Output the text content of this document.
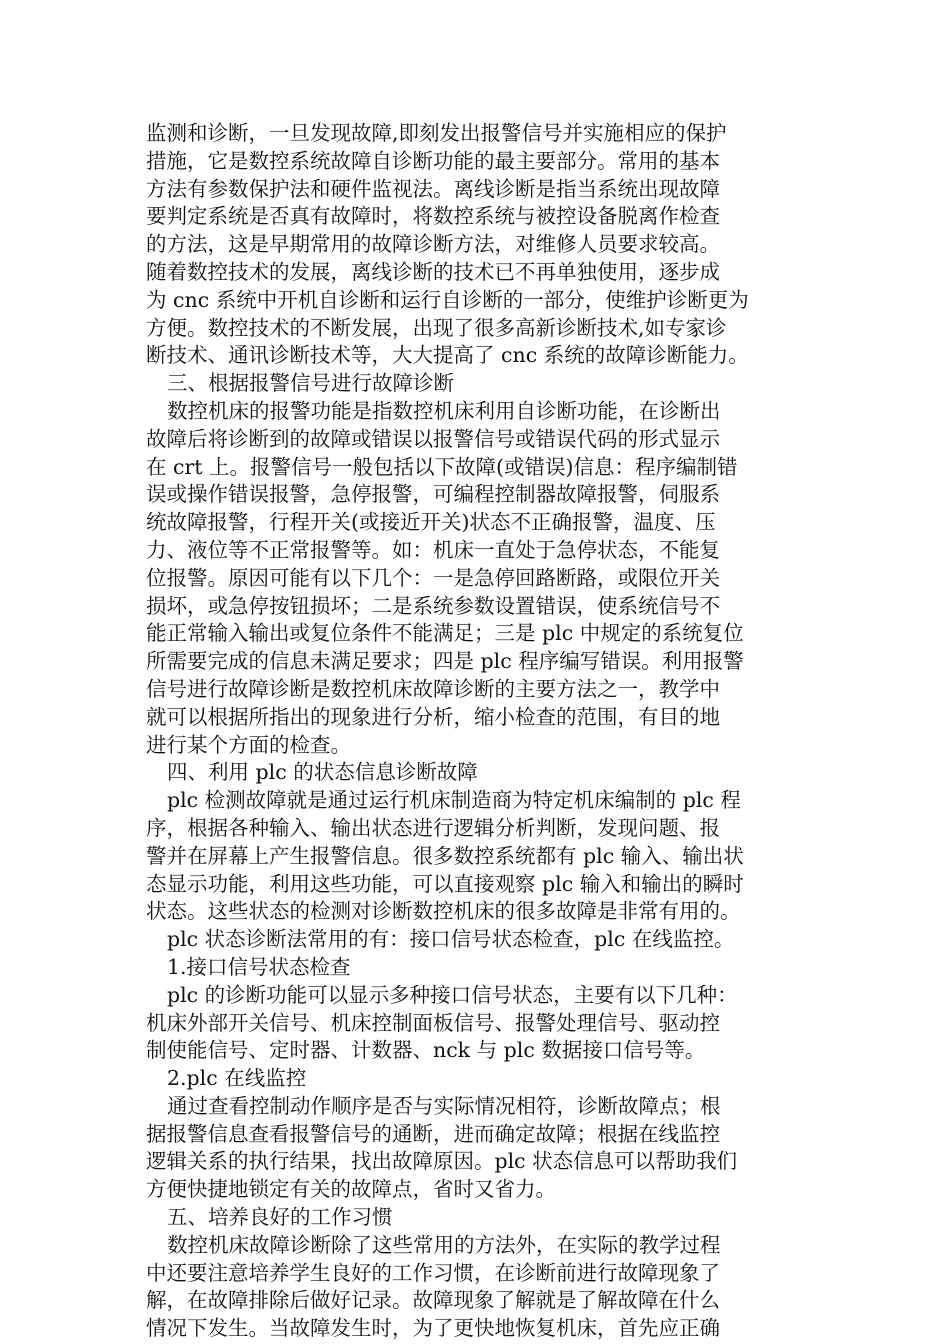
监测和诊断，一旦发现故障,即刻发出报警信号并实施相应的保护
措施，它是数控系统故障自诊断功能的最主要部分。常用的基本
方法有参数保护法和硬件监视法。离线诊断是指当系统出现故障
要判定系统是否真有故障时，将数控系统与被控设备脱离作检查
的方法，这是早期常用的故障诊断方法，对维修人员要求较高。
随着数控技术的发展，离线诊断的技术已不再单独使用，逐步成
为 cnc 系统中开机自诊断和运行自诊断的一部分，使维护诊断更为
方便。数控技术的不断发展，出现了很多高新诊断技术,如专家诊
断技术、通讯诊断技术等，大大提高了 cnc 系统的故障诊断能力。
三、根据报警信号进行故障诊断
数控机床的报警功能是指数控机床利用自诊断功能，在诊断出
故障后将诊断到的故障或错误以报警信号或错误代码的形式显示
在 crt 上。报警信号一般包括以下故障(或错误)信息：程序编制错
误或操作错误报警，急停报警，可编程控制器故障报警，伺服系
统故障报警，行程开关(或接近开关)状态不正确报警，温度、压
力、液位等不正常报警等。如：机床一直处于急停状态，不能复
位报警。原因可能有以下几个：一是急停回路断路，或限位开关
损坏，或急停按钮损坏；二是系统参数设置错误，使系统信号不
能正常输入输出或复位条件不能满足；三是 plc 中规定的系统复位
所需要完成的信息未满足要求；四是 plc 程序编写错误。利用报警
信号进行故障诊断是数控机床故障诊断的主要方法之一，教学中
就可以根据所指出的现象进行分析，缩小检查的范围，有目的地
进行某个方面的检查。
四、利用 plc 的状态信息诊断故障
plc 检测故障就是通过运行机床制造商为特定机床编制的 plc 程
序，根据各种输入、输出状态进行逻辑分析判断，发现问题、报
警并在屏幕上产生报警信息。很多数控系统都有 plc 输入、输出状
态显示功能，利用这些功能，可以直接观察 plc 输入和输出的瞬时
状态。这些状态的检测对诊断数控机床的很多故障是非常有用的。
plc 状态诊断法常用的有：接口信号状态检查，plc 在线监控。
1.接口信号状态检查
plc 的诊断功能可以显示多种接口信号状态，主要有以下几种：
机床外部开关信号、机床控制面板信号、报警处理信号、驱动控
制使能信号、定时器、计数器、nck 与 plc 数据接口信号等。
2.plc 在线监控
通过查看控制动作顺序是否与实际情况相符，诊断故障点；根
据报警信息查看报警信号的通断，进而确定故障；根据在线监控
逻辑关系的执行结果，找出故障原因。plc 状态信息可以帮助我们
方便快捷地锁定有关的故障点，省时又省力。
五、培养良好的工作习惯
数控机床故障诊断除了这些常用的方法外，在实际的教学过程
中还要注意培养学生良好的工作习惯，在诊断前进行故障现象了
解，在故障排除后做好记录。故障现象了解就是了解故障在什么
情况下发生。当故障发生时，为了更快地恢复机床，首先应正确
